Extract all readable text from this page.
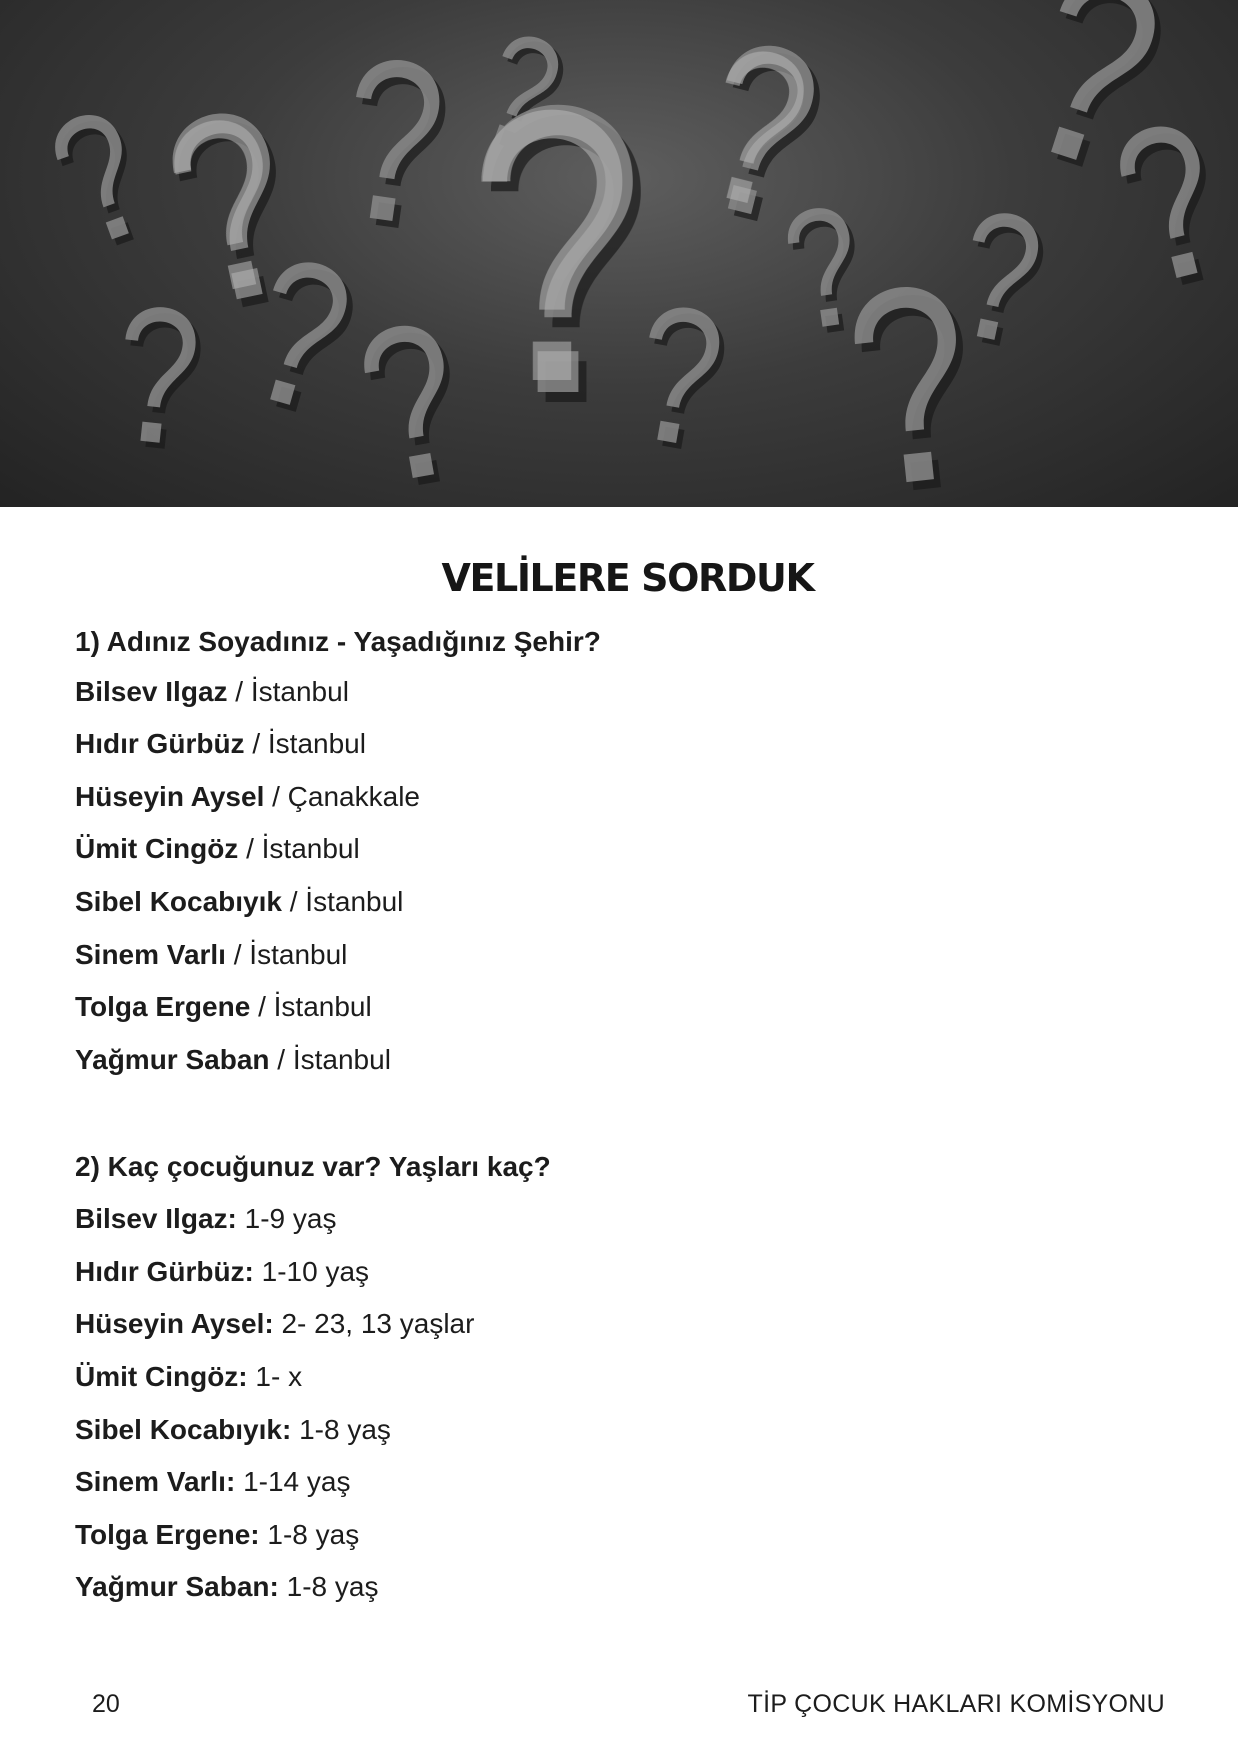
VELİLERE SORDUK
1) Adınız Soyadınız - Yaşadığınız Şehir?
Bilsev Ilgaz / İstanbul
Hıdır Gürbüz / İstanbul
Hüseyin Aysel / Çanakkale
Ümit Cingöz / İstanbul
Sibel Kocabıyık / İstanbul
Sinem Varlı / İstanbul
Tolga Ergene / İstanbul
Yağmur Saban / İstanbul
2) Kaç çocuğunuz var? Yaşları kaç?
Bilsev Ilgaz: 1-9 yaş
Hıdır Gürbüz: 1-10 yaş
Hüseyin Aysel: 2- 23, 13 yaşlar
Ümit Cingöz: 1- x
Sibel Kocabıyık: 1-8 yaş
Sinem Varlı: 1-14 yaş
Tolga Ergene: 1-8 yaş
Yağmur Saban: 1-8 yaş
20	TİP ÇOCUK HAKLARI KOMİSYONU
